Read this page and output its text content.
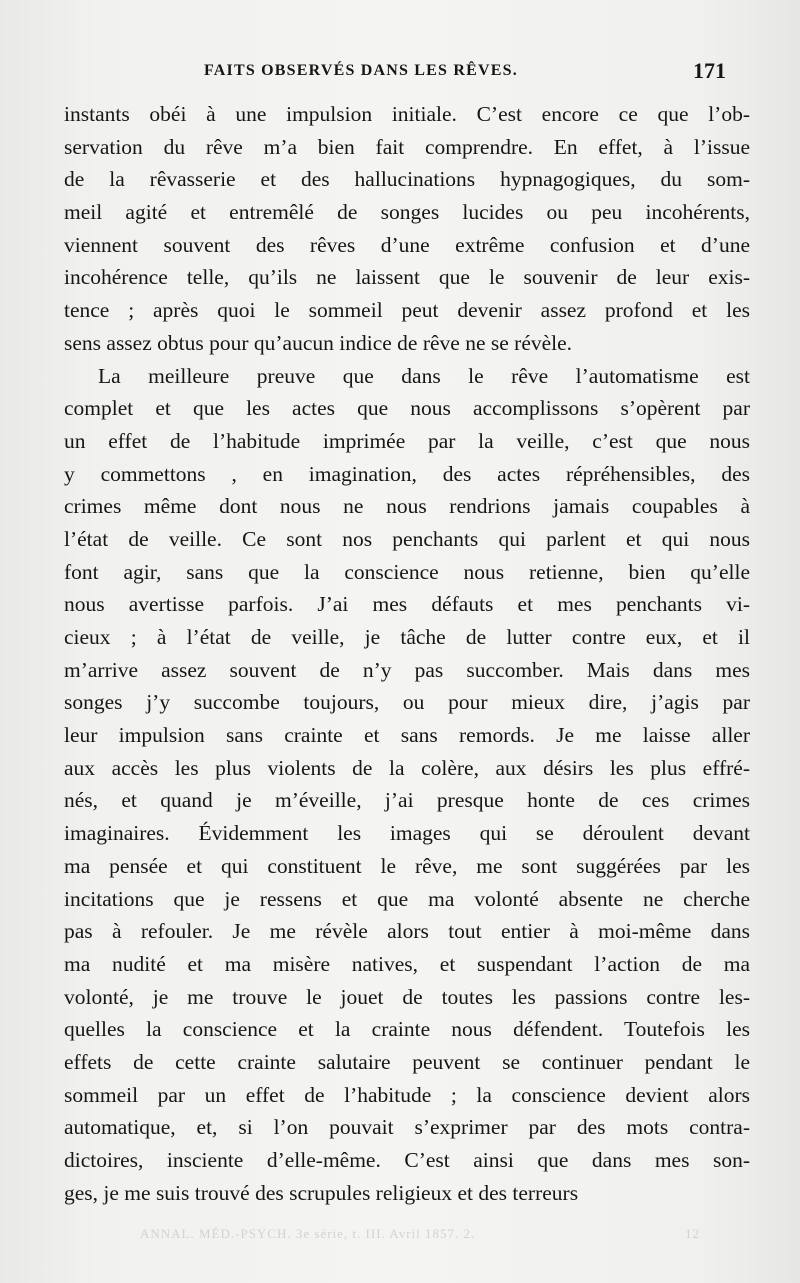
FAITS OBSERVÉS DANS LES RÊVES.	171
instants obéi à une impulsion initiale. C’est encore ce que l’ob-
servation du rêve m’a bien fait comprendre. En effet, à l’issue
de la rêvasserie et des hallucinations hypnagogiques, du som-
meil agité et entremêlé de songes lucides ou peu incohérents,
viennent souvent des rêves d’une extrême confusion et d’une
incohérence telle, qu’ils ne laissent que le souvenir de leur exis-
tence ; après quoi le sommeil peut devenir assez profond et les
sens assez obtus pour qu’aucun indice de rêve ne se révèle.
La meilleure preuve que dans le rêve l’automatisme est
complet et que les actes que nous accomplissons s’opèrent par
un effet de l’habitude imprimée par la veille, c’est que nous
y commettons , en imagination, des actes répréhensibles, des
crimes même dont nous ne nous rendrions jamais coupables à
l’état de veille. Ce sont nos penchants qui parlent et qui nous
font agir, sans que la conscience nous retienne, bien qu’elle
nous avertisse parfois. J’ai mes défauts et mes penchants vi-
cieux ; à l’état de veille, je tâche de lutter contre eux, et il
m’arrive assez souvent de n’y pas succomber. Mais dans mes
songes j’y succombe toujours, ou pour mieux dire, j’agis par
leur impulsion sans crainte et sans remords. Je me laisse aller
aux accès les plus violents de la colère, aux désirs les plus effré-
nés, et quand je m’éveille, j’ai presque honte de ces crimes
imaginaires. Évidemment les images qui se déroulent devant
ma pensée et qui constituent le rêve, me sont suggérées par les
incitations que je ressens et que ma volonté absente ne cherche
pas à refouler. Je me révèle alors tout entier à moi-même dans
ma nudité et ma misère natives, et suspendant l’action de ma
volonté, je me trouve le jouet de toutes les passions contre les-
quelles la conscience et la crainte nous défendent. Toutefois les
effets de cette crainte salutaire peuvent se continuer pendant le
sommeil par un effet de l’habitude ; la conscience devient alors
automatique, et, si l’on pouvait s’exprimer par des mots contra-
dictoires, insciente d’elle-même. C’est ainsi que dans mes son-
ges, je me suis trouvé des scrupules religieux et des terreurs
ANNAL. MÉD.-PSYCH. 3e série, t. III. Avril 1857. 2.	12
